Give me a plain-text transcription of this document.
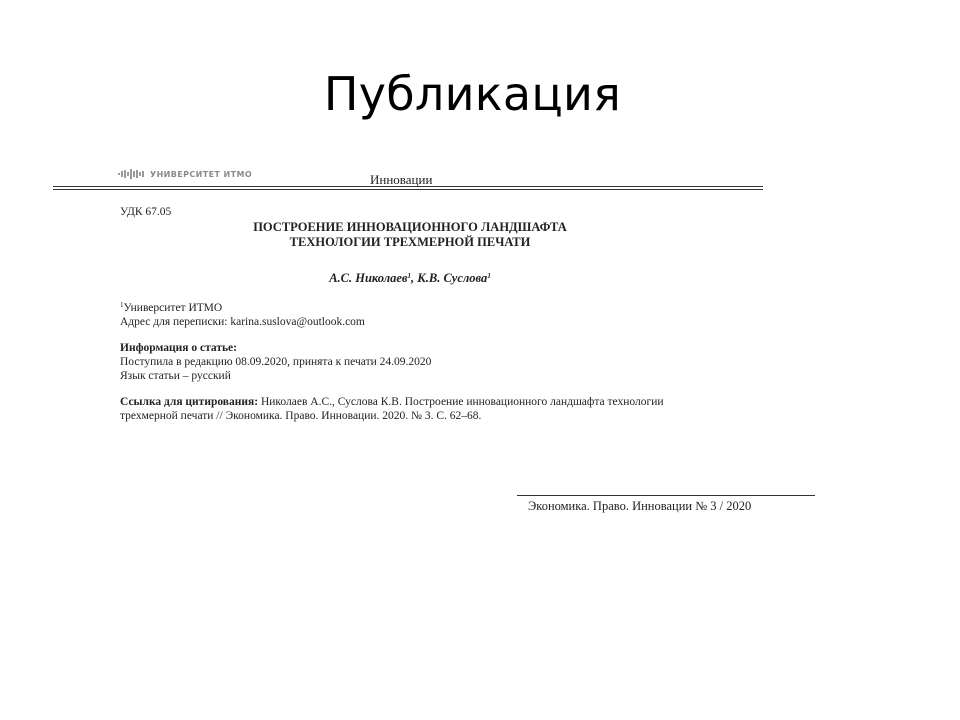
Публикация
УНИВЕРСИТЕТ ИТМО	Инновации
УДК 67.05
ПОСТРОЕНИЕ ИННОВАЦИОННОГО ЛАНДШАФТА
ТЕХНОЛОГИИ ТРЕХМЕРНОЙ ПЕЧАТИ
А.С. Николаев$^1$, К.В. Суслова$^1$
$^1$Университет ИТМО
Адрес для переписки: karina.suslova@outlook.com
Информация о статье:
Поступила в редакцию 08.09.2020, принята к печати 24.09.2020
Язык статьи – русский
Ссылка для цитирования: Николаев А.С., Суслова К.В. Построение инновационного ландшафта технологии трехмерной печати // Экономика. Право. Инновации. 2020. № 3. С. 62–68.
Экономика. Право. Инновации № 3 / 2020
